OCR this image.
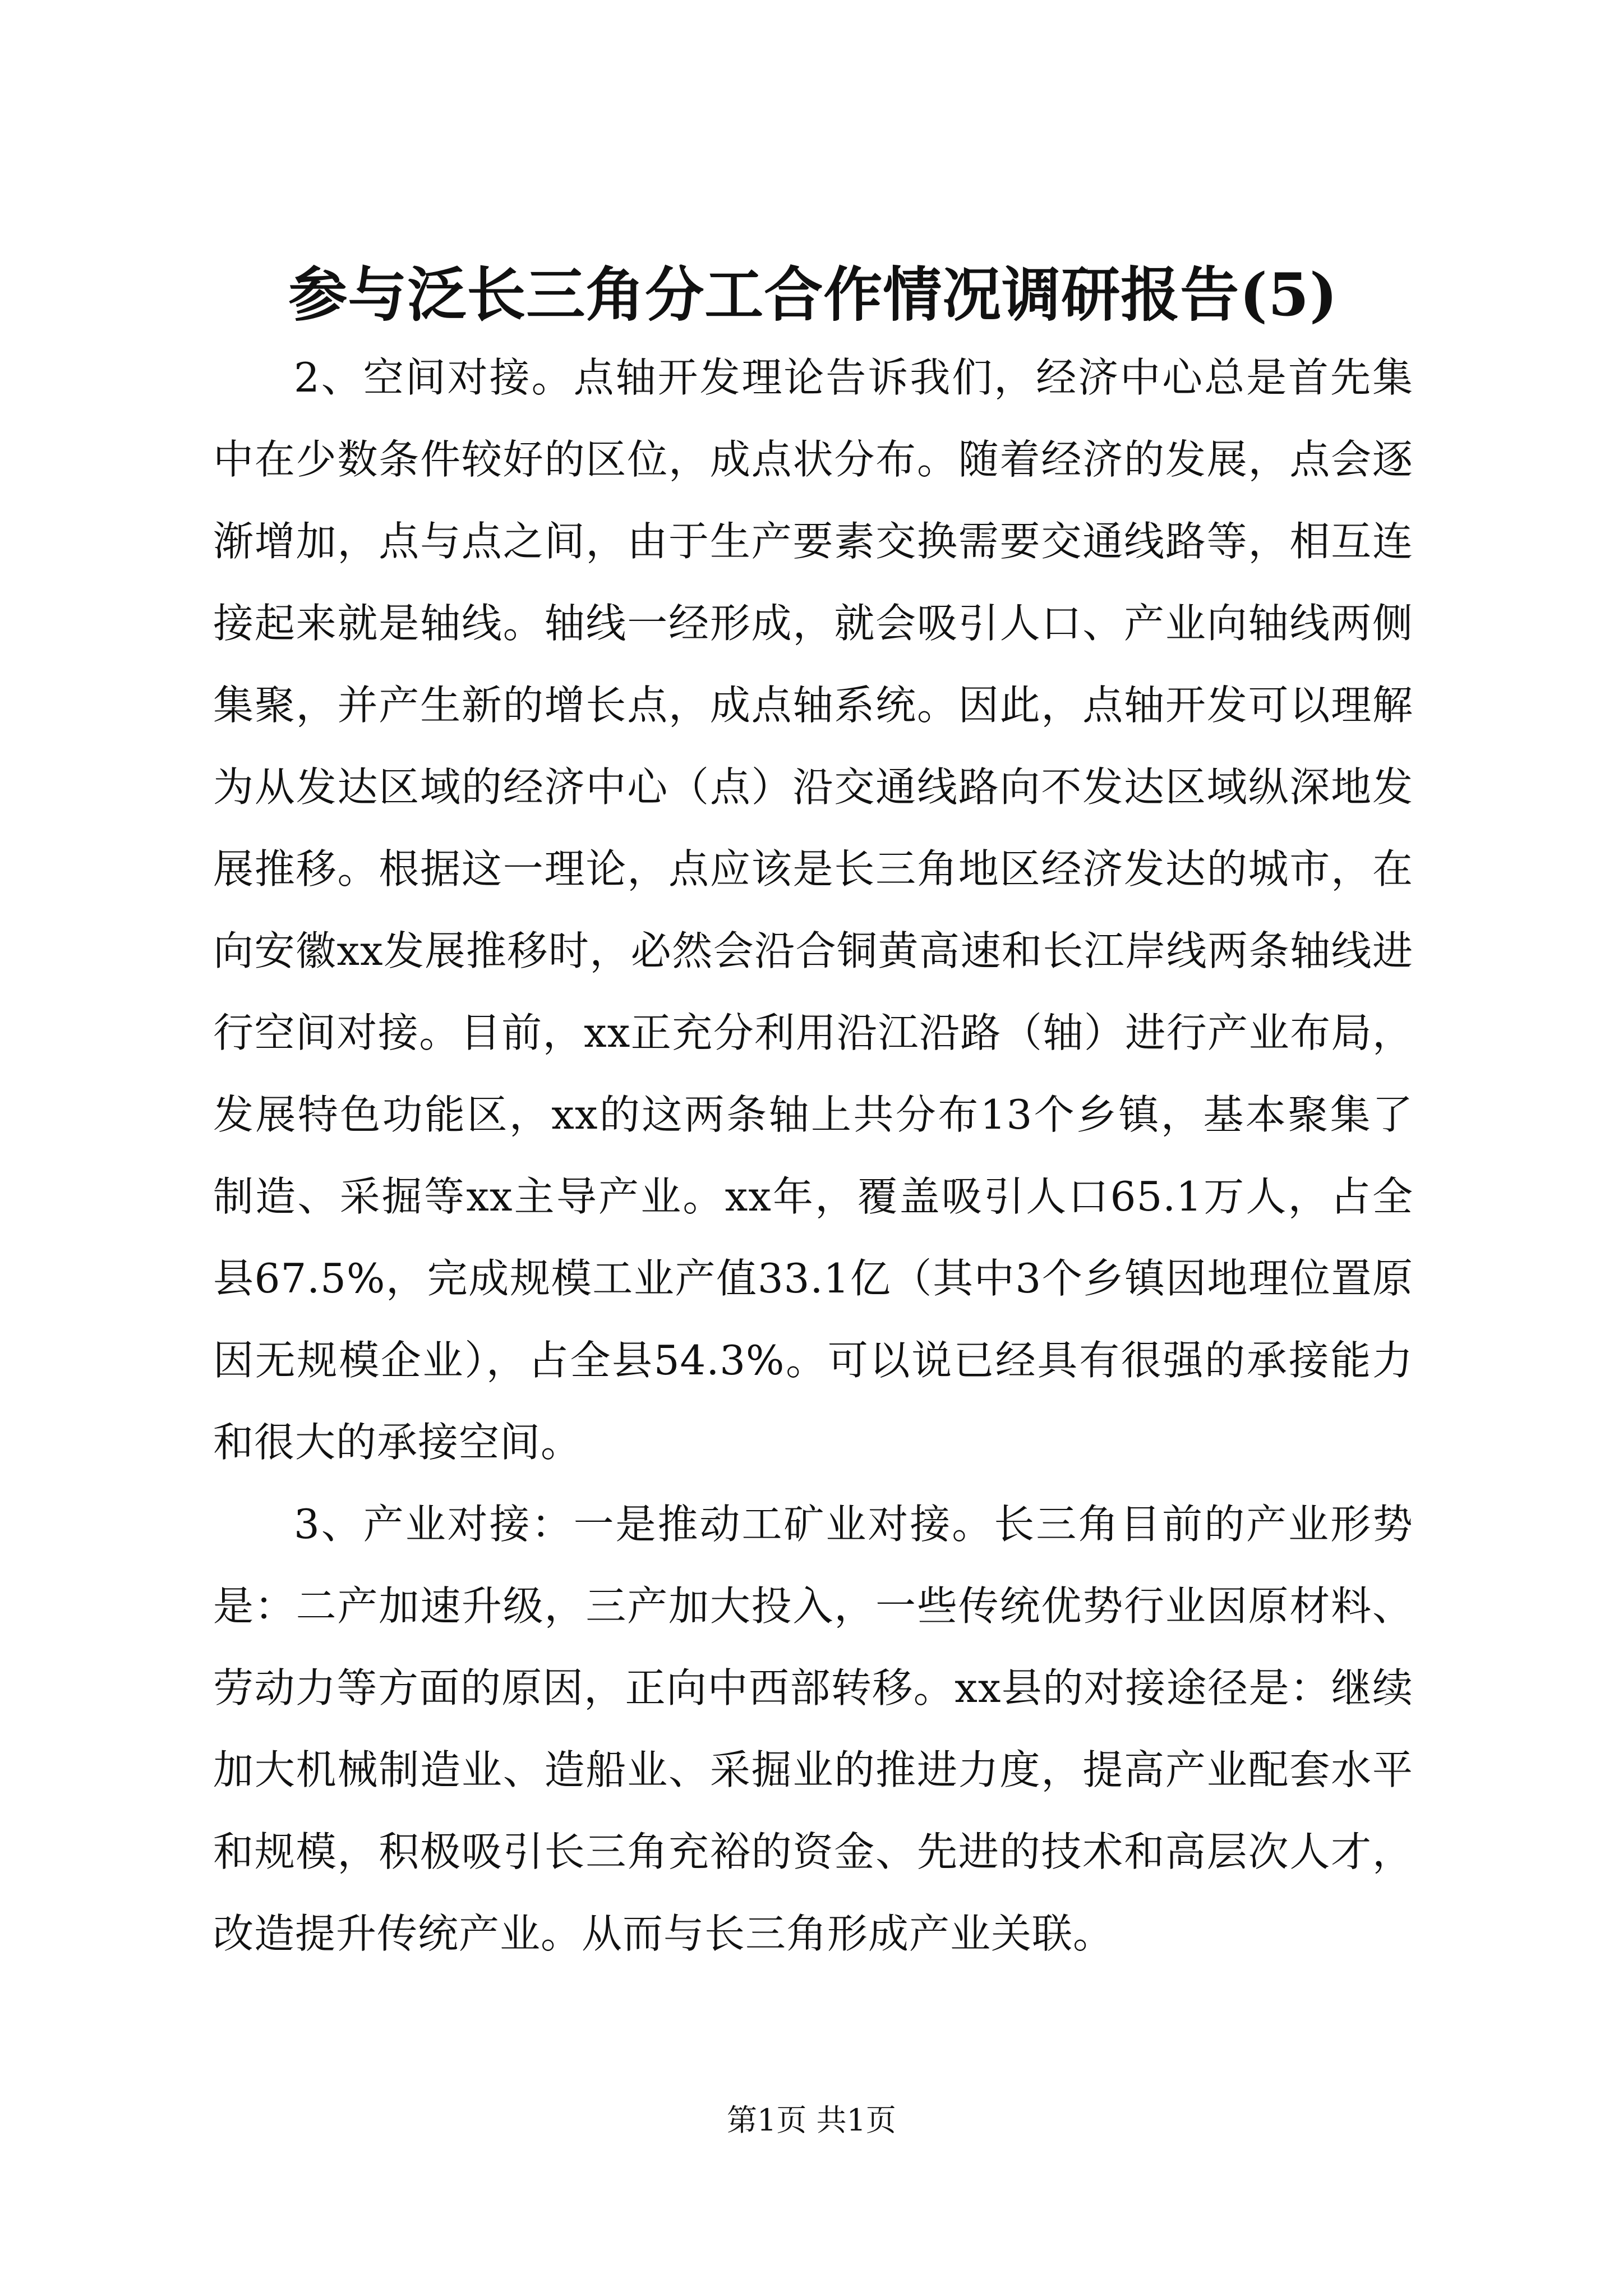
参与泛长三角分工合作情况调研报告(5)

2、空间对接。点轴开发理论告诉我们，经济中心总是首先集中在少数条件较好的区位，成点状分布。随着经济的发展，点会逐渐增加，点与点之间，由于生产要素交换需要交通线路等，相互连接起来就是轴线。轴线一经形成，就会吸引人口、产业向轴线两侧集聚，并产生新的增长点，成点轴系统。因此，点轴开发可以理解为从发达区域的经济中心（点）沿交通线路向不发达区域纵深地发展推移。根据这一理论，点应该是长三角地区经济发达的城市，在向安徽xx发展推移时，必然会沿合铜黄高速和长江岸线两条轴线进行空间对接。目前，xx正充分利用沿江沿路（轴）进行产业布局，发展特色功能区，xx的这两条轴上共分布13个乡镇，基本聚集了制造、采掘等xx主导产业。xx年，覆盖吸引人口65.1万人，占全县67.5%，完成规模工业产值33.1亿（其中3个乡镇因地理位置原因无规模企业），占全县54.3%。可以说已经具有很强的承接能力和很大的承接空间。

3、产业对接：一是推动工矿业对接。长三角目前的产业形势是：二产加速升级，三产加大投入，一些传统优势行业因原材料、劳动力等方面的原因，正向中西部转移。xx县的对接途径是：继续加大机械制造业、造船业、采掘业的推进力度，提高产业配套水平和规模，积极吸引长三角充裕的资金、先进的技术和高层次人才，改造提升传统产业。从而与长三角形成产业关联。

第1页 共1页
